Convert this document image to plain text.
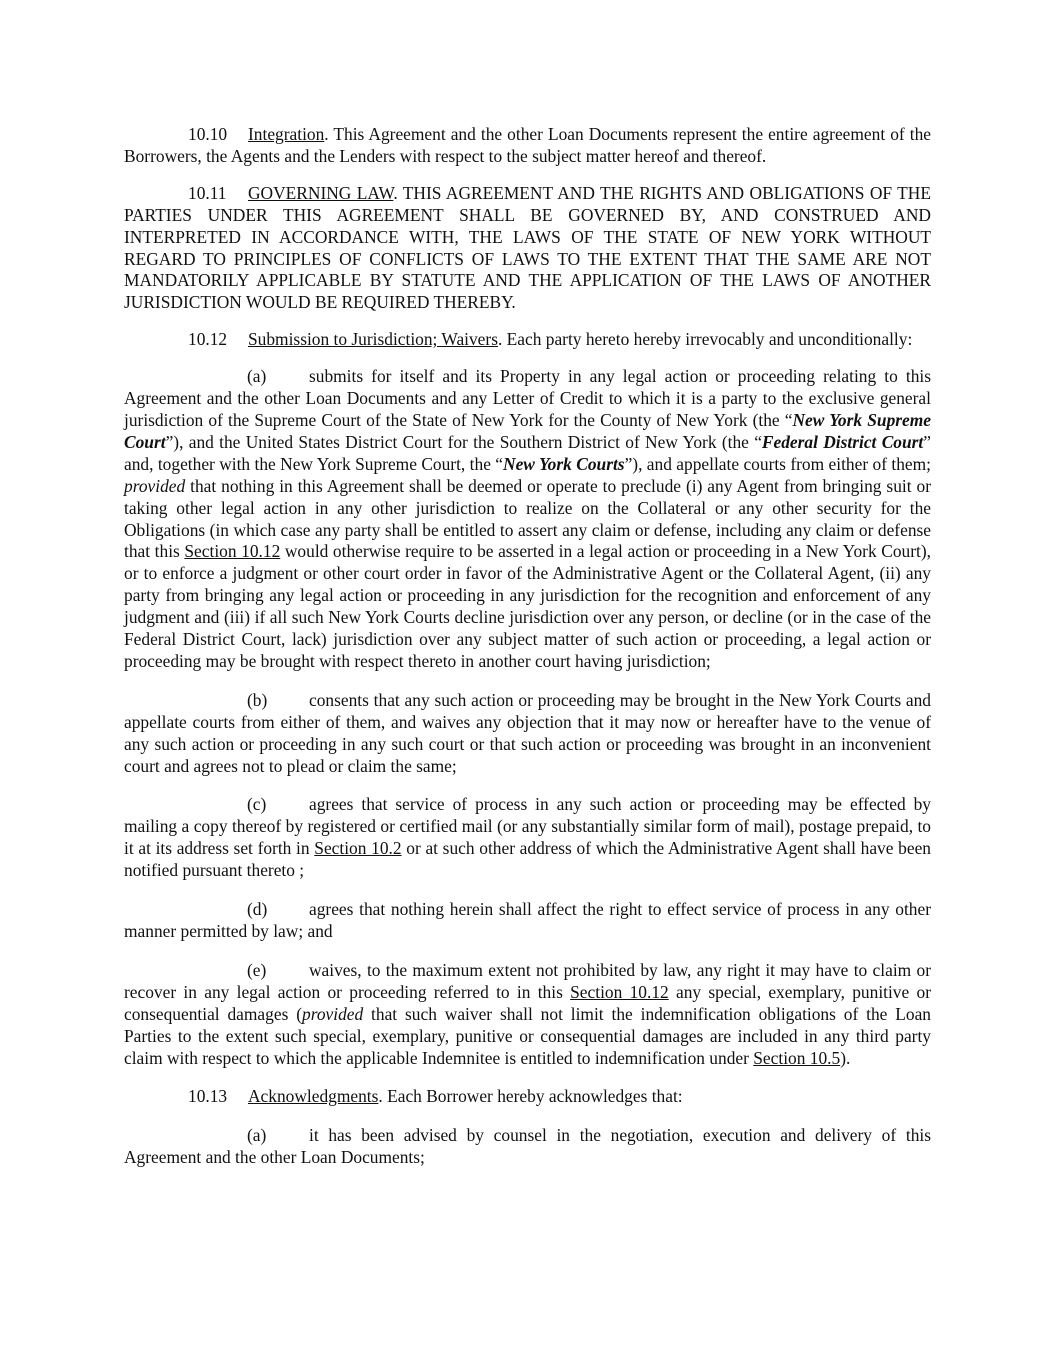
10.10 Integration. This Agreement and the other Loan Documents represent the entire agreement of the Borrowers, the Agents and the Lenders with respect to the subject matter hereof and thereof.

10.11 GOVERNING LAW. THIS AGREEMENT AND THE RIGHTS AND OBLIGATIONS OF THE PARTIES UNDER THIS AGREEMENT SHALL BE GOVERNED BY, AND CONSTRUED AND INTERPRETED IN ACCORDANCE WITH, THE LAWS OF THE STATE OF NEW YORK WITHOUT REGARD TO PRINCIPLES OF CONFLICTS OF LAWS TO THE EXTENT THAT THE SAME ARE NOT MANDATORILY APPLICABLE BY STATUTE AND THE APPLICATION OF THE LAWS OF ANOTHER JURISDICTION WOULD BE REQUIRED THEREBY.

10.12 Submission to Jurisdiction; Waivers. Each party hereto hereby irrevocably and unconditionally:

(a) submits for itself and its Property in any legal action or proceeding relating to this Agreement and the other Loan Documents and any Letter of Credit to which it is a party to the exclusive general jurisdiction of the Supreme Court of the State of New York for the County of New York (the “New York Supreme Court”), and the United States District Court for the Southern District of New York (the “Federal District Court” and, together with the New York Supreme Court, the “New York Courts”), and appellate courts from either of them; provided that nothing in this Agreement shall be deemed or operate to preclude (i) any Agent from bringing suit or taking other legal action in any other jurisdiction to realize on the Collateral or any other security for the Obligations (in which case any party shall be entitled to assert any claim or defense, including any claim or defense that this Section 10.12 would otherwise require to be asserted in a legal action or proceeding in a New York Court), or to enforce a judgment or other court order in favor of the Administrative Agent or the Collateral Agent, (ii) any party from bringing any legal action or proceeding in any jurisdiction for the recognition and enforcement of any judgment and (iii) if all such New York Courts decline jurisdiction over any person, or decline (or in the case of the Federal District Court, lack) jurisdiction over any subject matter of such action or proceeding, a legal action or proceeding may be brought with respect thereto in another court having jurisdiction;

(b) consents that any such action or proceeding may be brought in the New York Courts and appellate courts from either of them, and waives any objection that it may now or hereafter have to the venue of any such action or proceeding in any such court or that such action or proceeding was brought in an inconvenient court and agrees not to plead or claim the same;

(c) agrees that service of process in any such action or proceeding may be effected by mailing a copy thereof by registered or certified mail (or any substantially similar form of mail), postage prepaid, to it at its address set forth in Section 10.2 or at such other address of which the Administrative Agent shall have been notified pursuant thereto ;

(d) agrees that nothing herein shall affect the right to effect service of process in any other manner permitted by law; and

(e) waives, to the maximum extent not prohibited by law, any right it may have to claim or recover in any legal action or proceeding referred to in this Section 10.12 any special, exemplary, punitive or consequential damages (provided that such waiver shall not limit the indemnification obligations of the Loan Parties to the extent such special, exemplary, punitive or consequential damages are included in any third party claim with respect to which the applicable Indemnitee is entitled to indemnification under Section 10.5).

10.13 Acknowledgments. Each Borrower hereby acknowledges that:

(a) it has been advised by counsel in the negotiation, execution and delivery of this Agreement and the other Loan Documents;
